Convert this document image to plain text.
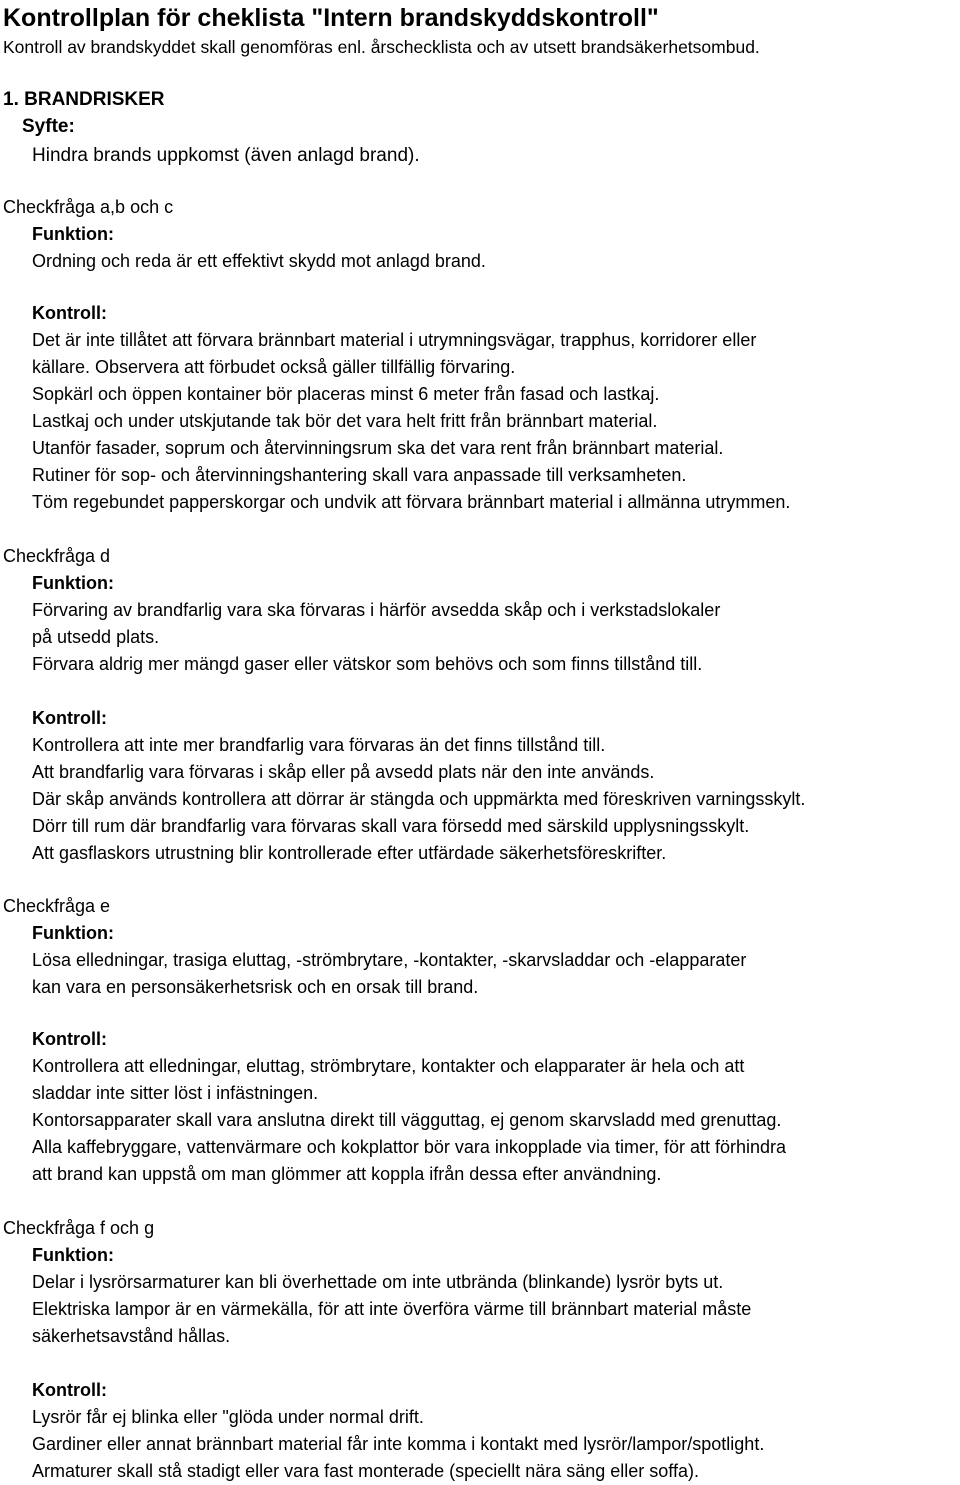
Kontrollplan för cheklista "Intern brandskyddskontroll"
Kontroll av brandskyddet skall genomföras enl. årschecklista och av utsett brandsäkerhetsombud.
1. BRANDRISKER
Syfte:
Hindra brands uppkomst (även anlagd brand).
Checkfråga a,b och c
Funktion:
Ordning och reda är ett effektivt skydd mot anlagd brand.
Kontroll:
Det är inte tillåtet att förvara brännbart material i utrymningsvägar, trapphus, korridorer eller
källare. Observera att förbudet också gäller tillfällig förvaring.
Sopkärl och öppen kontainer bör placeras minst 6 meter från fasad och lastkaj.
Lastkaj och under utskjutande tak bör det vara helt fritt från brännbart material.
Utanför fasader, soprum och återvinningsrum ska det vara rent från brännbart material.
Rutiner för sop- och återvinningshantering skall vara anpassade till verksamheten.
Töm regebundet papperskorgar och undvik att förvara brännbart material i allmänna utrymmen.
Checkfråga d
Funktion:
Förvaring av brandfarlig vara ska förvaras i härför avsedda skåp och i verkstadslokaler
på utsedd plats.
Förvara aldrig mer mängd gaser eller vätskor som behövs och som finns tillstånd till.
Kontroll:
Kontrollera att inte mer brandfarlig vara förvaras än det finns tillstånd till.
Att brandfarlig vara förvaras i skåp eller på avsedd plats när den inte används.
Där skåp används kontrollera att dörrar är stängda och uppmärkta med föreskriven varningsskylt.
Dörr till rum där brandfarlig vara förvaras skall vara försedd med särskild upplysningsskylt.
Att gasflaskors utrustning blir kontrollerade efter utfärdade säkerhetsföreskrifter.
Checkfråga e
Funktion:
Lösa elledningar, trasiga eluttag, -strömbrytare, -kontakter, -skarvsladdar och -elapparater
kan vara en personsäkerhetsrisk och en orsak till brand.
Kontroll:
Kontrollera att elledningar, eluttag, strömbrytare, kontakter och elapparater är hela och att
sladdar inte sitter löst i infästningen.
Kontorsapparater skall vara anslutna direkt till vägguttag, ej genom skarvsladd med grenuttag.
Alla kaffebryggare, vattenvärmare och kokplattor bör vara inkopplade via timer, för att förhindra
att brand kan uppstå om man glömmer att koppla ifrån dessa efter användning.
Checkfråga f och g
Funktion:
Delar i lysrörsarmaturer kan bli överhettade om inte utbrända (blinkande) lysrör byts ut.
Elektriska lampor är en värmekälla, för att inte överföra värme till brännbart material måste
säkerhetsavstånd hållas.
Kontroll:
Lysrör får ej blinka eller "glöda under normal drift.
Gardiner eller annat brännbart material får inte komma i kontakt med lysrör/lampor/spotlight.
Armaturer skall stå stadigt eller vara fast monterade (speciellt nära säng eller soffa).
